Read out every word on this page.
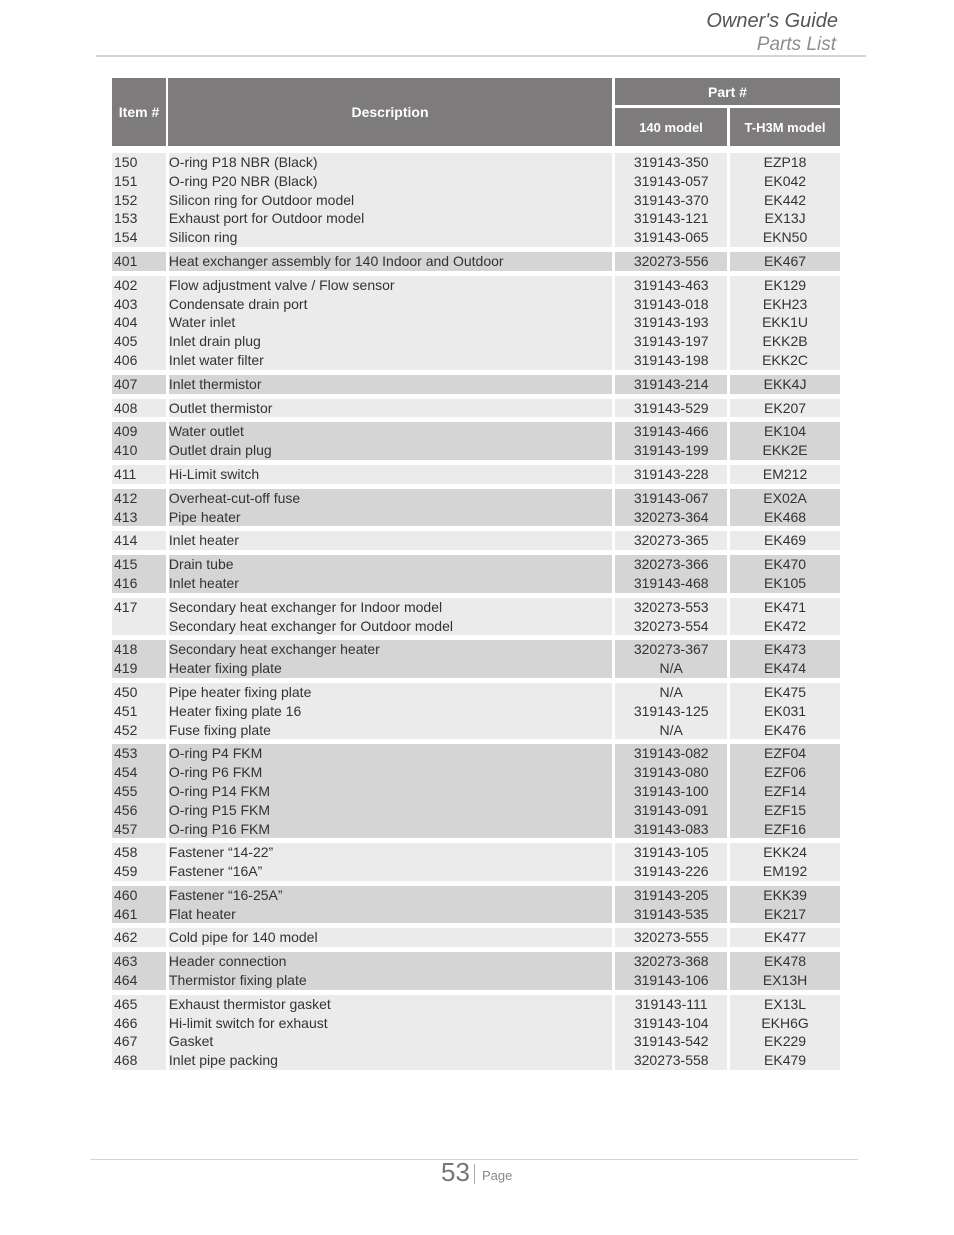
Owner's Guide
Parts List
Item #	Description
Part #
140 model	T-H3M model
150	O-ring P18 NBR (Black)	319143-350	EZP18
151	O-ring P20 NBR (Black)	319143-057	EK042
152	Silicon ring for Outdoor model	319143-370	EK442
153	Exhaust port for Outdoor model	319143-121	EX13J
154	Silicon ring	319143-065	EKN50
401	Heat exchanger assembly for 140 Indoor and Outdoor	320273-556	EK467
402	Flow adjustment valve / Flow sensor	319143-463	EK129
403	Condensate drain port	319143-018	EKH23
404	Water inlet	319143-193	EKK1U
405	Inlet drain plug	319143-197	EKK2B
406	Inlet water filter	319143-198	EKK2C
407	Inlet thermistor	319143-214	EKK4J
408	Outlet thermistor	319143-529	EK207
409	Water outlet	319143-466	EK104
410	Outlet drain plug	319143-199	EKK2E
411	Hi-Limit switch	319143-228	EM212
412	Overheat-cut-off fuse	319143-067	EX02A
413	Pipe heater	320273-364	EK468
414	Inlet heater	320273-365	EK469
415	Drain tube	320273-366	EK470
416	Inlet heater	319143-468	EK105
417	Secondary heat exchanger for Indoor model	320273-553	EK471
Secondary heat exchanger for Outdoor model	320273-554	EK472
418	Secondary heat exchanger heater	320273-367	EK473
419	Heater fixing plate	N/A	EK474
450	Pipe heater fixing plate	N/A	EK475
451	Heater fixing plate 16	319143-125	EK031
452	Fuse fixing plate	N/A	EK476
453	O-ring P4 FKM	319143-082	EZF04
454	O-ring P6 FKM	319143-080	EZF06
455	O-ring P14 FKM	319143-100	EZF14
456	O-ring P15 FKM	319143-091	EZF15
457	O-ring P16 FKM	319143-083	EZF16
458	Fastener “14-22”	319143-105	EKK24
459	Fastener “16A”	319143-226	EM192
460	Fastener “16-25A”	319143-205	EKK39
461	Flat heater	319143-535	EK217
462	Cold pipe for 140 model	320273-555	EK477
463	Header connection	320273-368	EK478
464	Thermistor fixing plate	319143-106	EX13H
465	Exhaust thermistor gasket	319143-111	EX13L
466	Hi-limit switch for exhaust	319143-104	EKH6G
467	Gasket	319143-542	EK229
468	Inlet pipe packing	320273-558	EK479
53 Page
